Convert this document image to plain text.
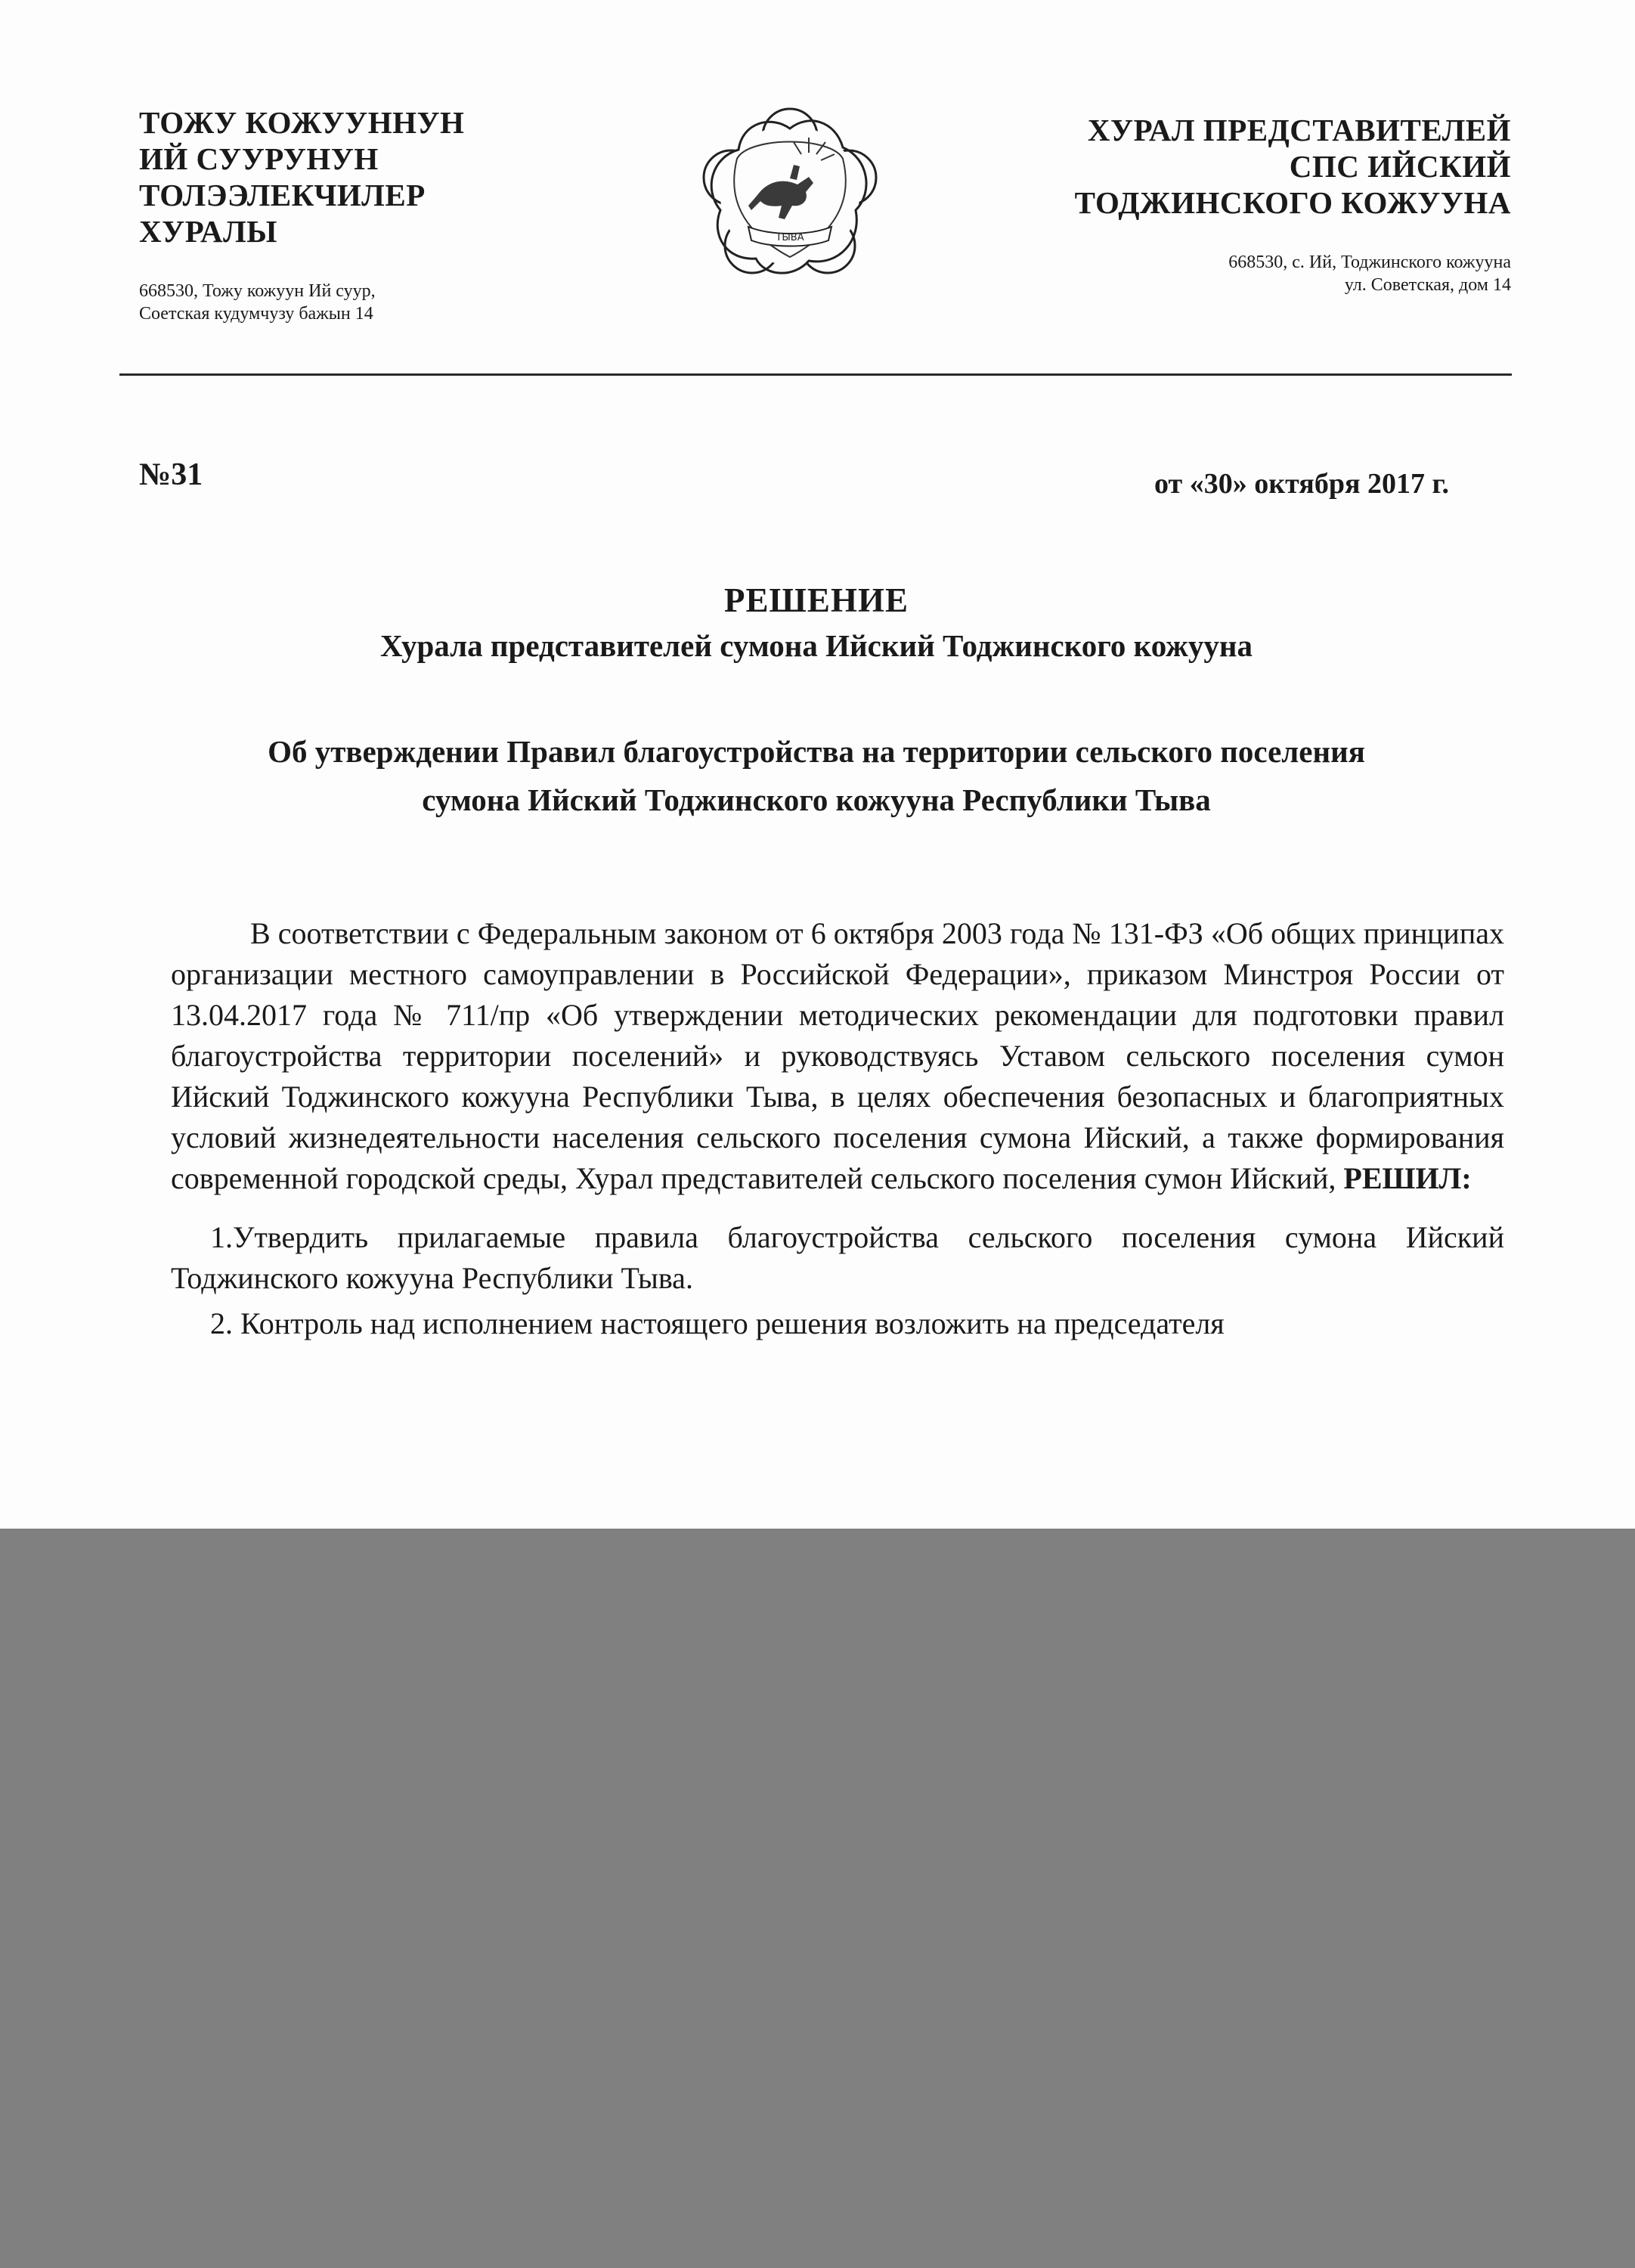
ТОЖУ КОЖУУННУН
ИЙ СУУРУНУН
ТОЛЭЭЛЕКЧИЛЕР
ХУРАЛЫ
668530, Тожу кожуун Ий суур,
Соетская кудумчузу бажын 14
ТЫВА
ХУРАЛ ПРЕДСТАВИТЕЛЕЙ
СПС ИЙСКИЙ
ТОДЖИНСКОГО КОЖУУНА
668530, с. Ий, Тоджинского кожууна
ул. Советская, дом 14
№31	от «30» октября 2017 г.
РЕШЕНИЕ
Хурала представителей сумона Ийский Тоджинского кожууна
Об утверждении Правил благоустройства на территории сельского поселения
сумона Ийский Тоджинского кожууна Республики Тыва

В соответствии с Федеральным законом от 6 октября 2003 года № 131-ФЗ «Об общих принципах организации местного самоуправлении в Российской Федерации», приказом Минстроя России от 13.04.2017 года № 711/пр «Об утверждении методических рекомендации для подготовки правил благоустройства территории поселений» и руководствуясь Уставом сельского поселения сумон Ийский Тоджинского кожууна Республики Тыва, в целях обеспечения безопасных и благоприятных условий жизнедеятельности населения сельского поселения сумона Ийский, а также формирования современной городской среды, Хурал представителей сельского поселения сумон Ийский, РЕШИЛ:

1.Утвердить прилагаемые правила благоустройства сельского поселения сумона Ийский Тоджинского кожууна Республики Тыва.

2. Контроль над исполнением настоящего решения возложить на председателя
